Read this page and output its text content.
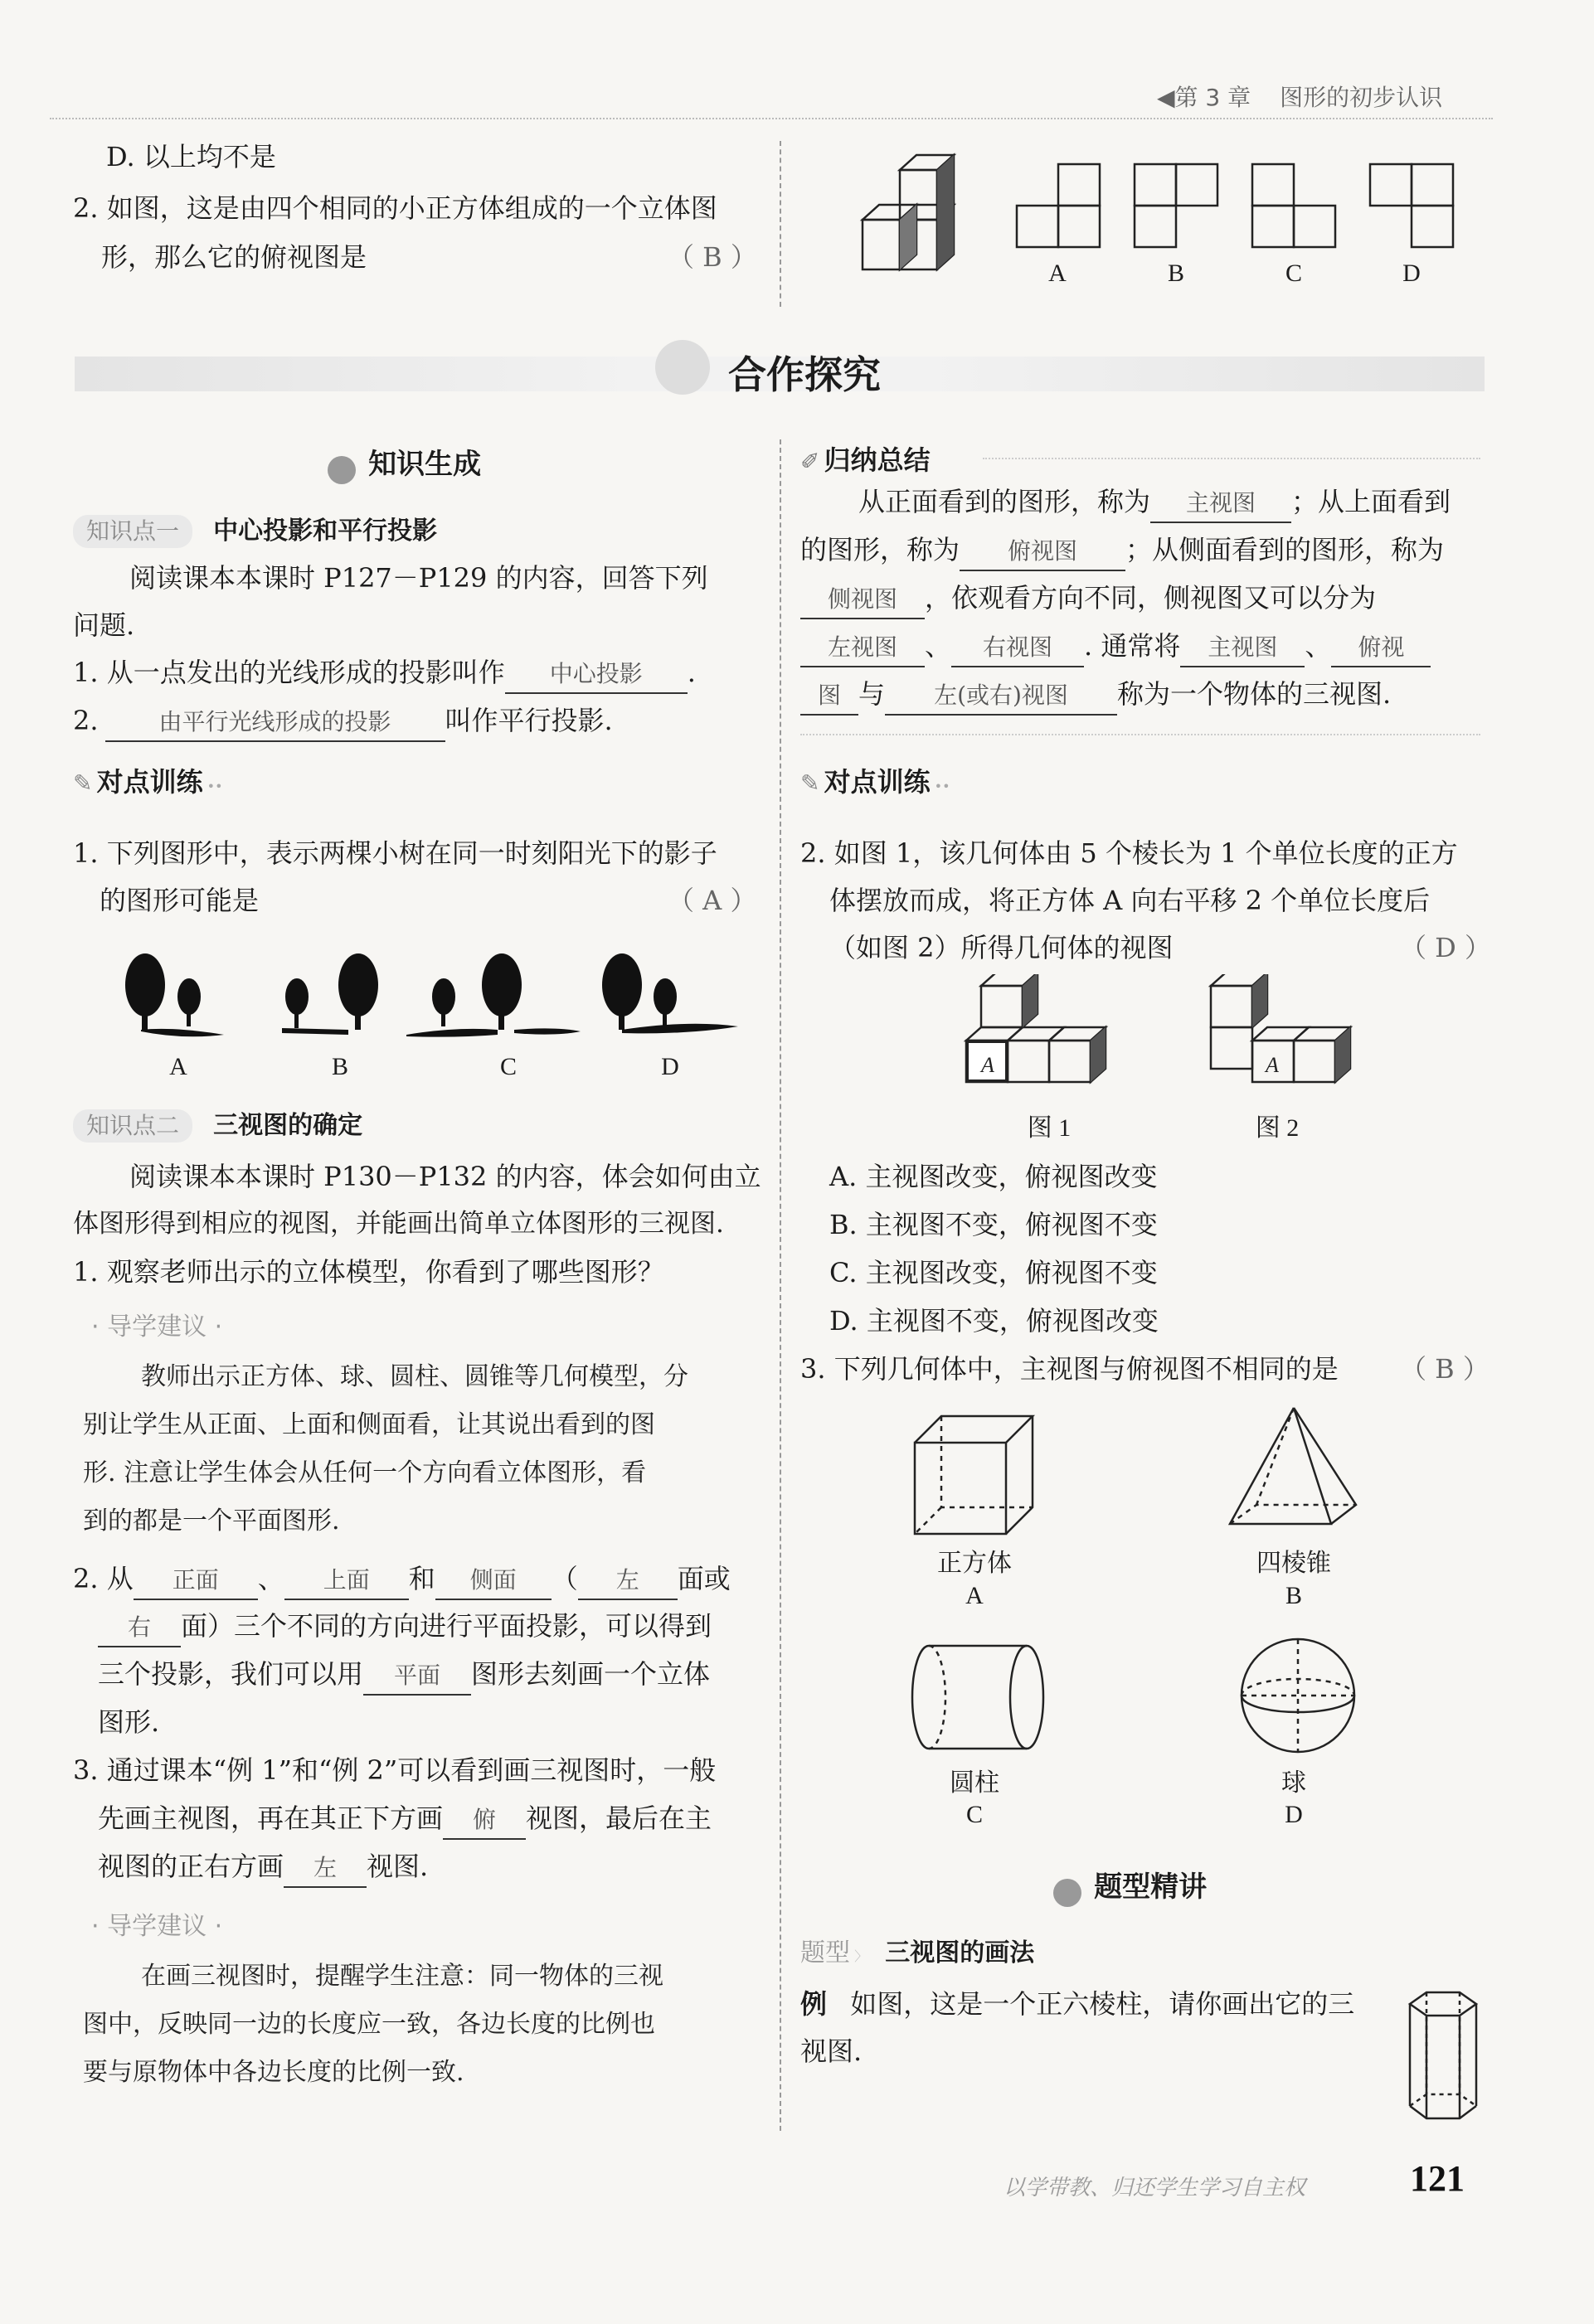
◀第 3 章 图形的初步认识
D. 以上均不是
2. 如图，这是由四个相同的小正方体组成的一个立体图
形，那么它的俯视图是	（ B ）
A	B	C	D
合作探究
知识生成
知识点一 中心投影和平行投影
阅读课本本课时 P127－P129 的内容，回答下列
问题.
1. 从一点发出的光线形成的投影叫作 中心投影 .
2.	由平行光线形成的投影 叫作平行投影.
✎ 对点训练 ••
1. 下列图形中，表示两棵小树在同一时刻阳光下的影子
的图形可能是	（ A ）
A	B	C	D
知识点二 三视图的确定
阅读课本本课时 P130－P132 的内容，体会如何由立
体图形得到相应的视图，并能画出简单立体图形的三视图.
1. 观察老师出示的立体模型，你看到了哪些图形？
· 导学建议 ·
教师出示正方体、球、圆柱、圆锥等几何模型，分
别让学生从正面、上面和侧面看，让其说出看到的图
形. 注意让学生体会从任何一个方向看立体图形，看
到的都是一个平面图形.
2. 从 正面 、 上面 和 侧面 （ 左 面或
右 面）三个不同的方向进行平面投影，可以得到
三个投影，我们可以用 平面 图形去刻画一个立体
图形.
3. 通过课本“例 1”和“例 2”可以看到画三视图时，一般
先画主视图，再在其正下方画 俯 视图，最后在主
视图的正右方画 左 视图.
· 导学建议 ·
在画三视图时，提醒学生注意：同一物体的三视
图中，反映同一边的长度应一致，各边长度的比例也
要与原物体中各边长度的比例一致.
✐ 归纳总结
从正面看到的图形，称为 主视图 ；从上面看到
的图形，称为 俯视图 ；从侧面看到的图形，称为
侧视图 ，依观看方向不同，侧视图又可以分为
左视图 、 右视图 . 通常将 主视图 、 俯视
图 与 左(或右)视图 称为一个物体的三视图.
✎ 对点训练 ••
2. 如图 1，该几何体由 5 个棱长为 1 个单位长度的正方
体摆放而成，将正方体 A 向右平移 2 个单位长度后
（如图 2）所得几何体的视图	（ D ）
A	A
图 1	图 2
A. 主视图改变，俯视图改变
B. 主视图不变，俯视图不变
C. 主视图改变，俯视图不变
D. 主视图不变，俯视图改变
3. 下列几何体中，主视图与俯视图不相同的是 （ B ）
正方体
A
四棱锥
B
圆柱
C
球
D
题型精讲
题型 〉 三视图的画法
例 如图，这是一个正六棱柱，请你画出它的三
视图.
以学带教、归还学生学习自主权	121
